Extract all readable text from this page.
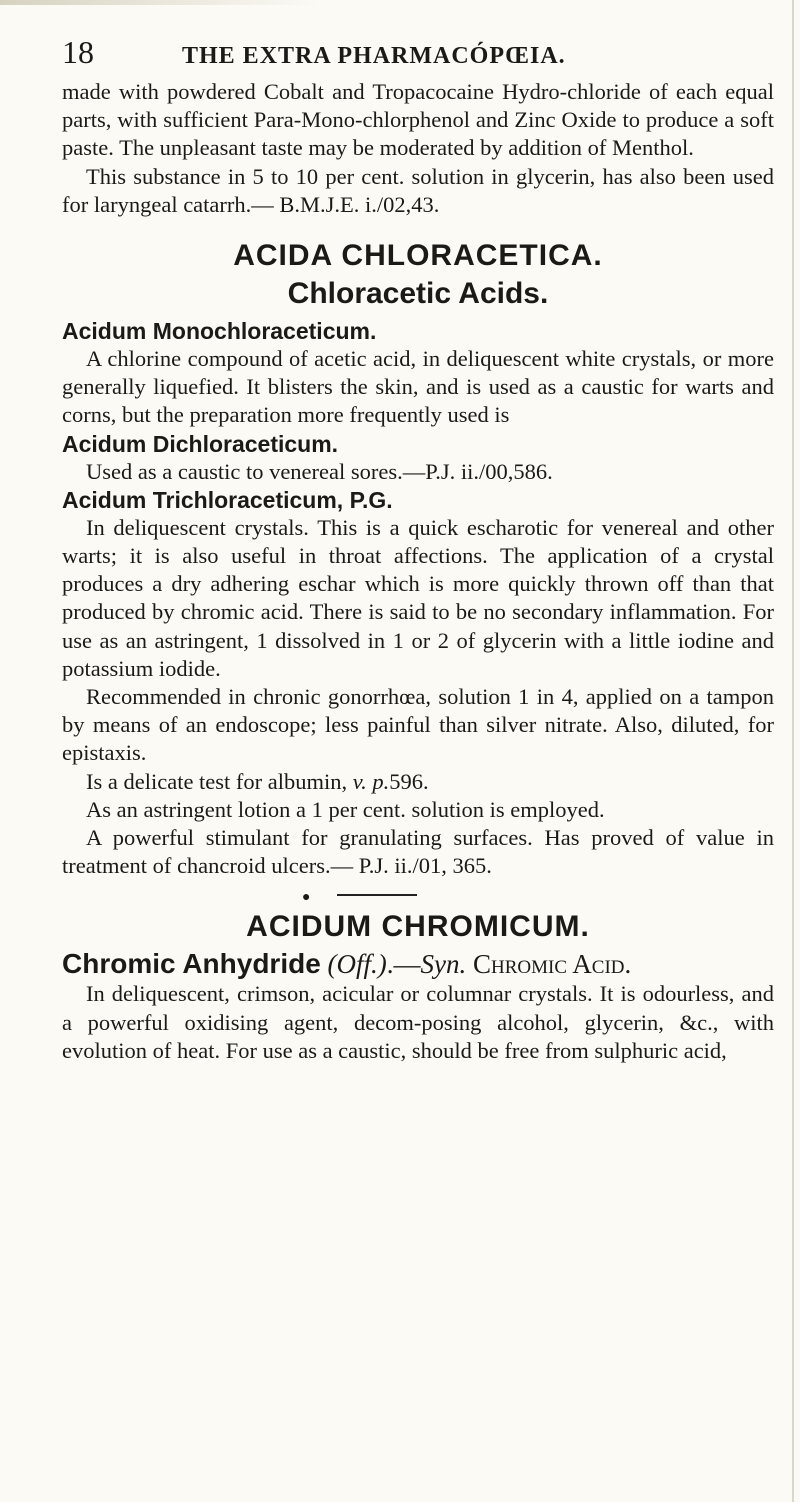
18	THE EXTRA PHARMACÓPŒIA.

made with powdered Cobalt and Tropacocaine Hydro-chloride of each equal parts, with sufficient Para-Mono-chlorphenol and Zinc Oxide to produce a soft paste. The unpleasant taste may be moderated by addition of Menthol.

This substance in 5 to 10 per cent. solution in glycerin, has also been used for laryngeal catarrh.— B.M.J.E. i./02,43.

ACIDA CHLORACETICA.
Chloracetic Acids.
Acidum Monochloraceticum.

A chlorine compound of acetic acid, in deliquescent white crystals, or more generally liquefied. It blisters the skin, and is used as a caustic for warts and corns, but the preparation more frequently used is

Acidum Dichloraceticum.

Used as a caustic to venereal sores.—P.J. ii./00,586.

Acidum Trichloraceticum, P.G.

In deliquescent crystals. This is a quick escharotic for venereal and other warts; it is also useful in throat affections. The application of a crystal produces a dry adhering eschar which is more quickly thrown off than that produced by chromic acid. There is said to be no secondary inflammation. For use as an astringent, 1 dissolved in 1 or 2 of glycerin with a little iodine and potassium iodide.

Recommended in chronic gonorrhœa, solution 1 in 4, applied on a tampon by means of an endoscope; less painful than silver nitrate. Also, diluted, for epistaxis.

Is a delicate test for albumin, v. p.596.

As an astringent lotion a 1 per cent. solution is employed.

A powerful stimulant for granulating surfaces. Has proved of value in treatment of chancroid ulcers.— P.J. ii./01, 365.

●
ACIDUM CHROMICUM.
Chromic Anhydride (Off.).—Syn. Chromic Acid.

In deliquescent, crimson, acicular or columnar crystals. It is odourless, and a powerful oxidising agent, decom-posing alcohol, glycerin, &c., with evolution of heat. For use as a caustic, should be free from sulphuric acid,
